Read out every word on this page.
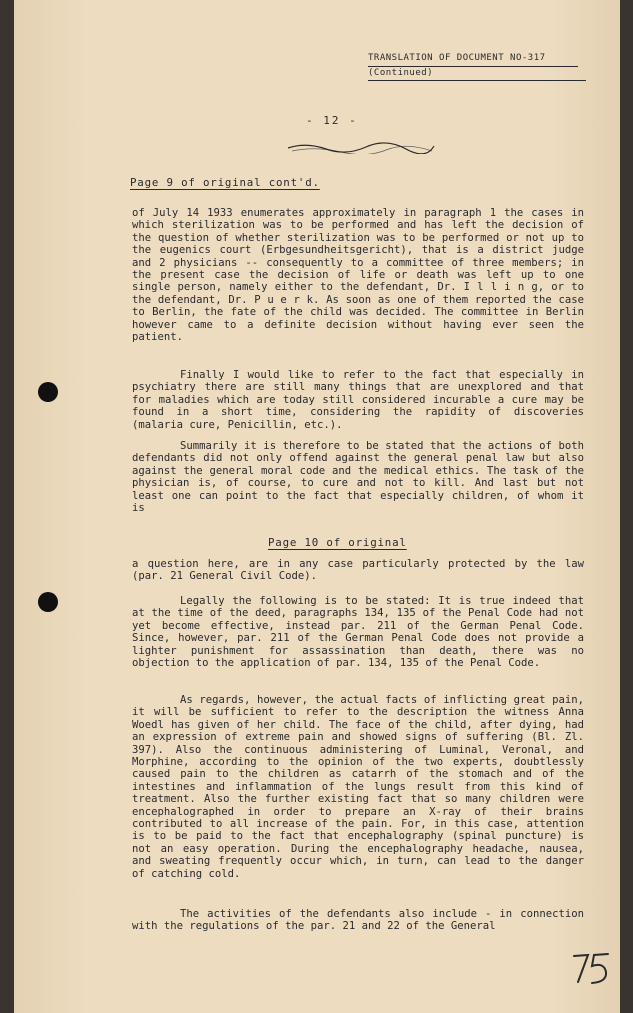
TRANSLATION OF DOCUMENT NO-317
(Continued)
- 12 -
Page 9 of original cont'd.

of July 14 1933 enumerates approximately in paragraph 1 the cases in which sterilization was to be performed and has left the decision of the question of whether sterilization was to be performed or not up to the eugenics court (Erbgesundheitsgericht), that is a district judge and 2 physicians -- consequently to a committee of three members; in the present case the decision of life or death was left up to one single person, namely either to the defendant, Dr. I l l i n g, or to the defendant, Dr. P u e r k. As soon as one of them reported the case to Berlin, the fate of the child was decided. The committee in Berlin however came to a definite decision without having ever seen the patient.

Finally I would like to refer to the fact that especially in psychiatry there are still many things that are unexplored and that for maladies which are today still considered incurable a cure may be found in a short time, considering the rapidity of discoveries (malaria cure, Penicillin, etc.).

Summarily it is therefore to be stated that the actions of both defendants did not only offend against the general penal law but also against the general moral code and the medical ethics. The task of the physician is, of course, to cure and not to kill. And last but not least one can point to the fact that especially children, of whom it is

Page 10 of original

a question here, are in any case particularly protected by the law (par. 21 General Civil Code).

Legally the following is to be stated: It is true indeed that at the time of the deed, paragraphs 134, 135 of the Penal Code had not yet become effective, instead par. 211 of the German Penal Code. Since, however, par. 211 of the German Penal Code does not provide a lighter punishment for assassination than death, there was no objection to the application of par. 134, 135 of the Penal Code.

As regards, however, the actual facts of inflicting great pain, it will be sufficient to refer to the description the witness Anna Woedl has given of her child. The face of the child, after dying, had an expression of extreme pain and showed signs of suffering (Bl. Zl. 397). Also the continuous administering of Luminal, Veronal, and Morphine, according to the opinion of the two experts, doubtlessly caused pain to the children as catarrh of the stomach and of the intestines and inflammation of the lungs result from this kind of treatment. Also the further existing fact that so many children were encephalographed in order to prepare an X-ray of their brains contributed to all increase of the pain. For, in this case, attention is to be paid to the fact that encephalography (spinal puncture) is not an easy operation. During the encephalography headache, nausea, and sweating frequently occur which, in turn, can lead to the danger of catching cold.

The activities of the defendants also include - in connection with the regulations of the par. 21 and 22 of the General
